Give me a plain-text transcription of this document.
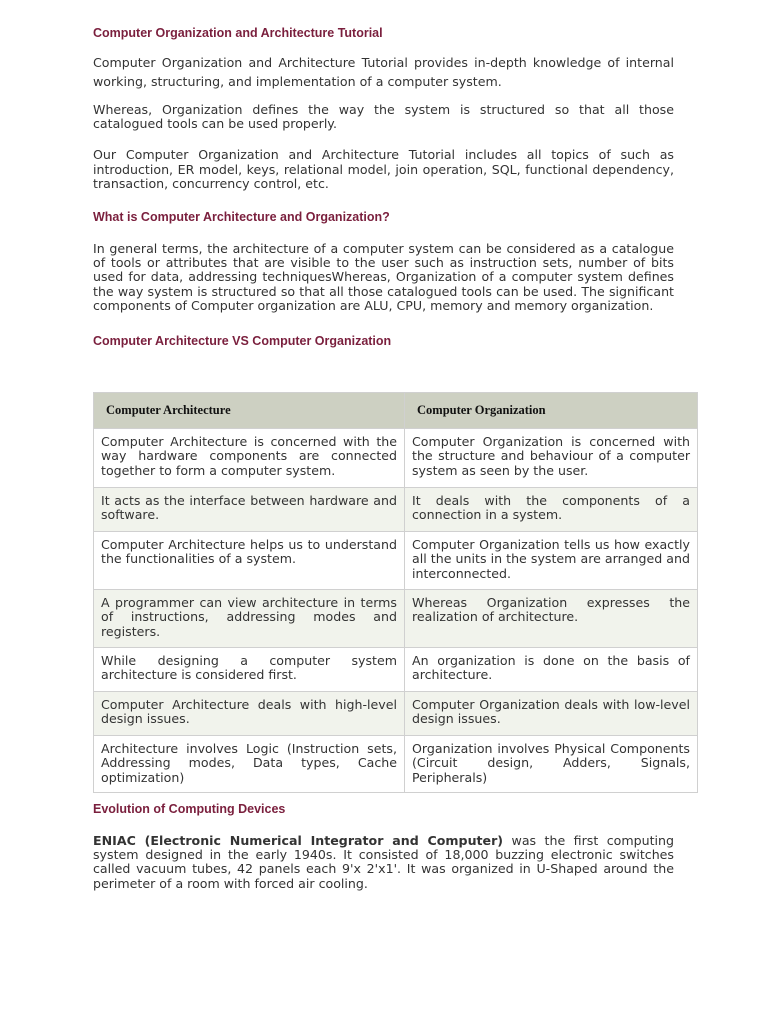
Computer Organization and Architecture Tutorial

Computer Organization and Architecture Tutorial provides in-depth knowledge of internal working, structuring, and implementation of a computer system.

Whereas, Organization defines the way the system is structured so that all those catalogued tools can be used properly.

Our Computer Organization and Architecture Tutorial includes all topics of such as introduction, ER model, keys, relational model, join operation, SQL, functional dependency, transaction, concurrency control, etc.

What is Computer Architecture and Organization?

In general terms, the architecture of a computer system can be considered as a catalogue of tools or attributes that are visible to the user such as instruction sets, number of bits used for data, addressing techniquesWhereas, Organization of a computer system defines the way system is structured so that all those catalogued tools can be used. The significant components of Computer organization are ALU, CPU, memory and memory organization.

Computer Architecture VS Computer Organization
Computer Architecture	Computer Organization
Computer Architecture is concerned with the way hardware components are connected together to form a computer system.	Computer Organization is concerned with the structure and behaviour of a computer system as seen by the user.
It acts as the interface between hardware and software.	It deals with the components of a connection in a system.
Computer Architecture helps us to understand the functionalities of a system.	Computer Organization tells us how exactly all the units in the system are arranged and interconnected.
A programmer can view architecture in terms of instructions, addressing modes and registers.	Whereas Organization expresses the realization of architecture.
While designing a computer system architecture is considered first.	An organization is done on the basis of architecture.
Computer Architecture deals with high-level design issues.	Computer Organization deals with low-level design issues.
Architecture involves Logic (Instruction sets, Addressing modes, Data types, Cache optimization)	Organization involves Physical Components (Circuit design, Adders, Signals, Peripherals)
Evolution of Computing Devices

ENIAC (Electronic Numerical Integrator and Computer) was the first computing system designed in the early 1940s. It consisted of 18,000 buzzing electronic switches called vacuum tubes, 42 panels each 9'x 2'x1'. It was organized in U-Shaped around the perimeter of a room with forced air cooling.
